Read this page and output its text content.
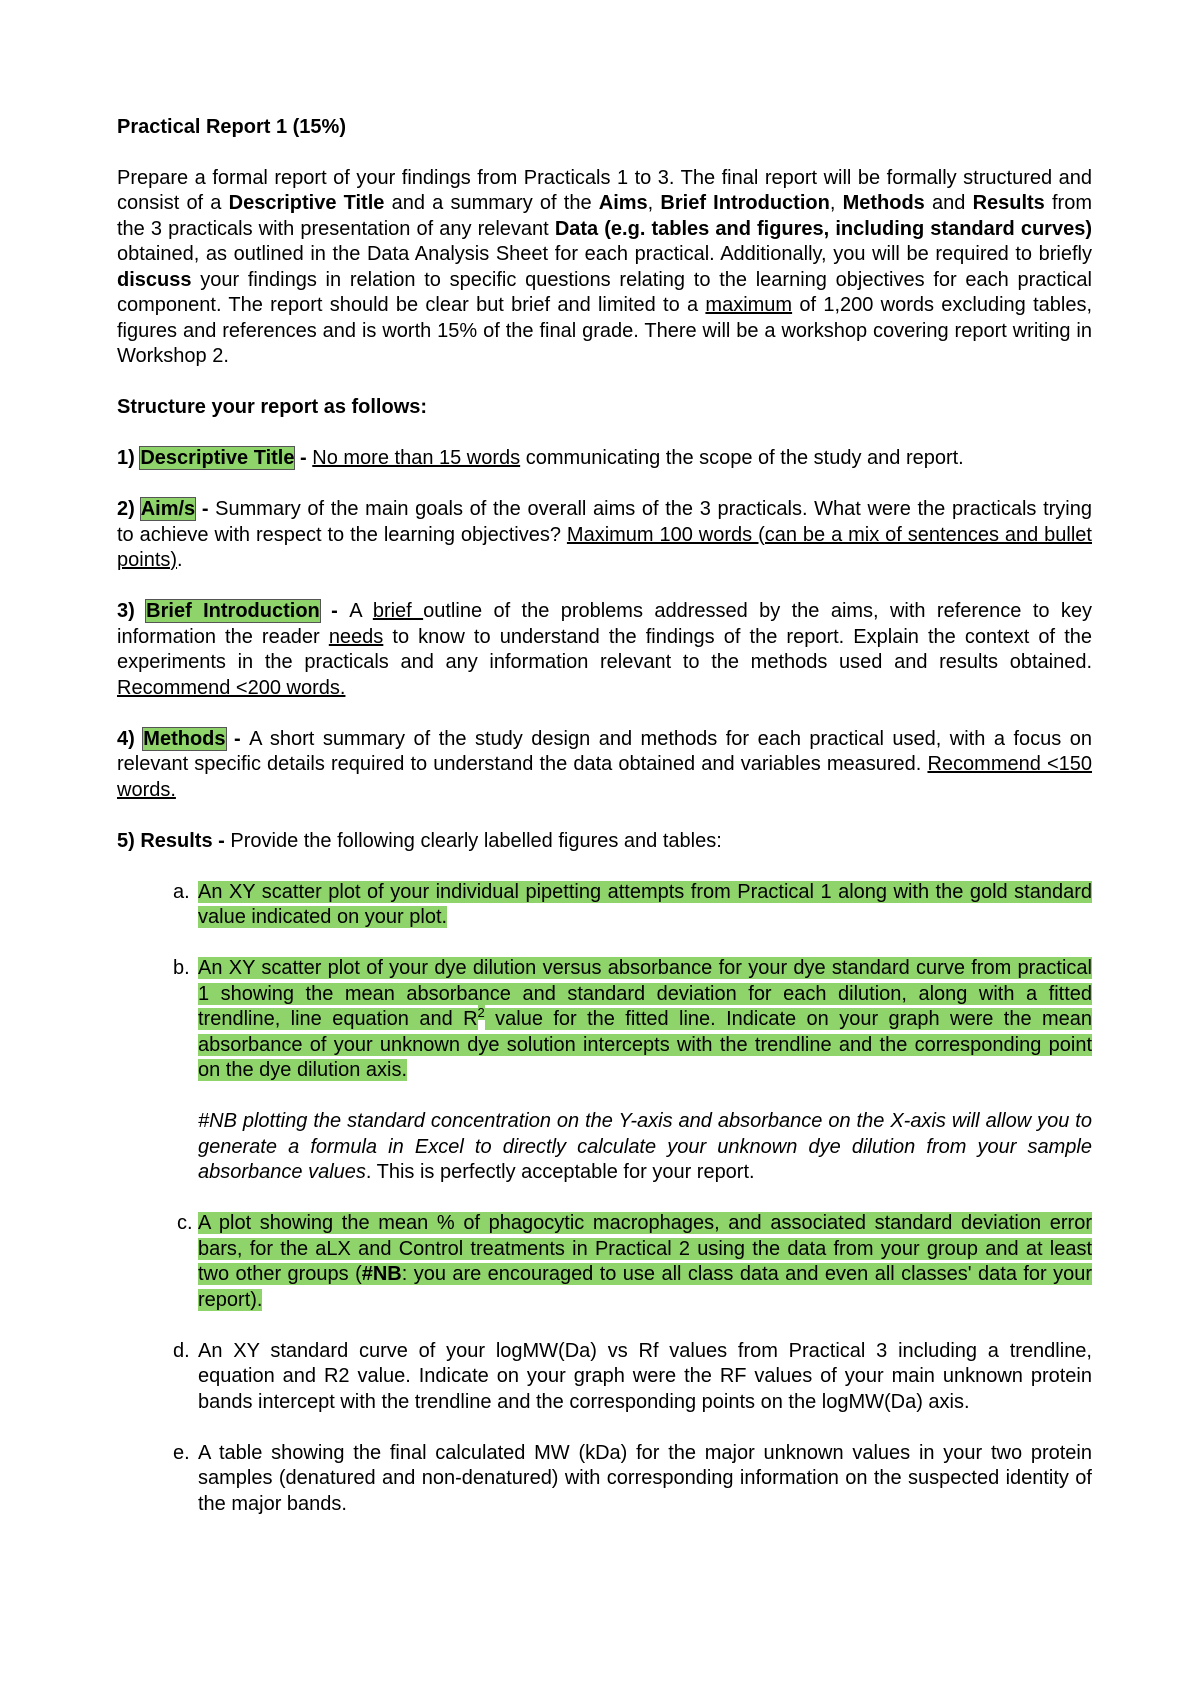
Practical Report 1 (15%)

Prepare a formal report of your findings from Practicals 1 to 3. The final report will be formally structured and consist of a Descriptive Title and a summary of the Aims, Brief Introduction, Methods and Results from the 3 practicals with presentation of any relevant Data (e.g. tables and figures, including standard curves) obtained, as outlined in the Data Analysis Sheet for each practical. Additionally, you will be required to briefly discuss your findings in relation to specific questions relating to the learning objectives for each practical component. The report should be clear but brief and limited to a maximum of 1,200 words excluding tables, figures and references and is worth 15% of the final grade. There will be a workshop covering report writing in Workshop 2.

Structure your report as follows:

1) Descriptive Title - No more than 15 words communicating the scope of the study and report.

2) Aim/s - Summary of the main goals of the overall aims of the 3 practicals. What were the practicals trying to achieve with respect to the learning objectives? Maximum 100 words (can be a mix of sentences and bullet points).

3) Brief Introduction - A brief outline of the problems addressed by the aims, with reference to key information the reader needs to know to understand the findings of the report. Explain the context of the experiments in the practicals and any information relevant to the methods used and results obtained. Recommend <200 words.

4) Methods - A short summary of the study design and methods for each practical used, with a focus on relevant specific details required to understand the data obtained and variables measured. Recommend <150 words.

5) Results - Provide the following clearly labelled figures and tables:

a. An XY scatter plot of your individual pipetting attempts from Practical 1 along with the gold standard value indicated on your plot.
b. An XY scatter plot of your dye dilution versus absorbance for your dye standard curve from practical 1 showing the mean absorbance and standard deviation for each dilution, along with a fitted trendline, line equation and $R^2$ value for the fitted line. Indicate on your graph were the mean absorbance of your unknown dye solution intercepts with the trendline and the corresponding point on the dye dilution axis.

#NB plotting the standard concentration on the Y-axis and absorbance on the X-axis will allow you to generate a formula in Excel to directly calculate your unknown dye dilution from your sample absorbance values. This is perfectly acceptable for your report.

c. A plot showing the mean % of phagocytic macrophages, and associated standard deviation error bars, for the aLX and Control treatments in Practical 2 using the data from your group and at least two other groups (#NB: you are encouraged to use all class data and even all classes' data for your report).
d. An XY standard curve of your logMW(Da) vs Rf values from Practical 3 including a trendline, equation and R2 value. Indicate on your graph were the RF values of your main unknown protein bands intercept with the trendline and the corresponding points on the logMW(Da) axis.
e. A table showing the final calculated MW (kDa) for the major unknown values in your two protein samples (denatured and non-denatured) with corresponding information on the suspected identity of the major bands.
